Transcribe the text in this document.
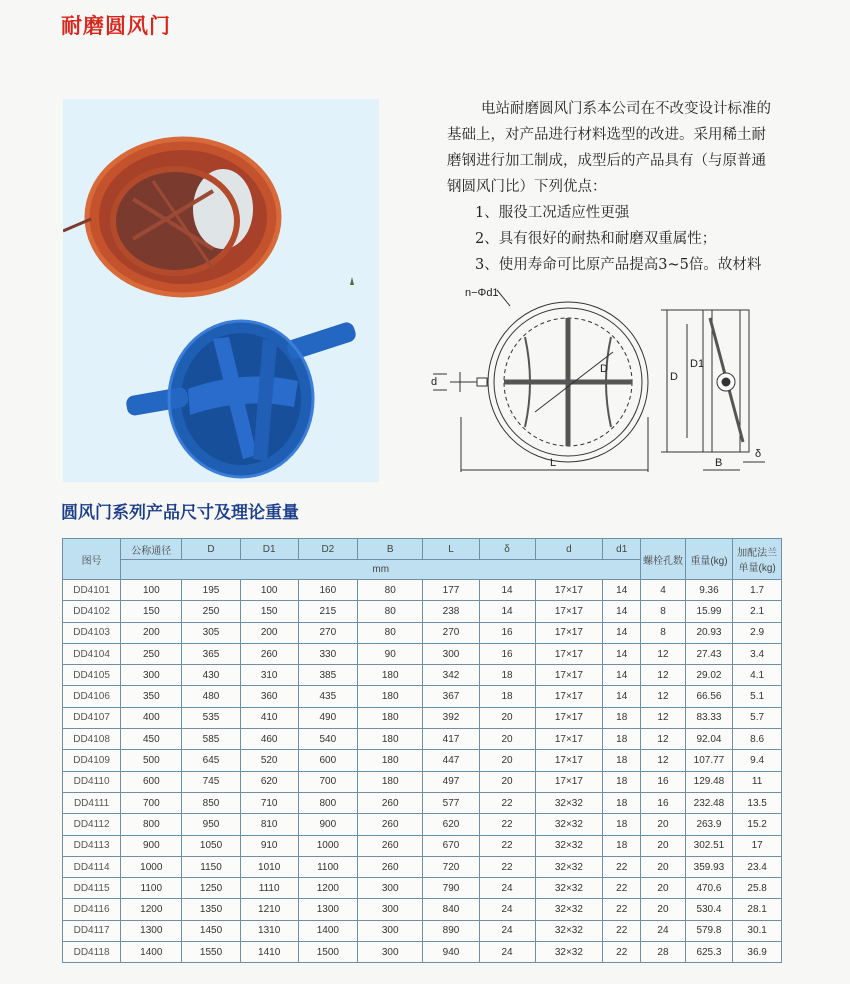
耐磨圆风门

电站耐磨圆风门系本公司在不改变设计标准的基础上，对产品进行材料选型的改进。采用稀土耐磨钢进行加工制成，成型后的产品具有（与原普通钢圆风门比）下列优点：

1、服役工况适应性更强

2、具有很好的耐热和耐磨双重属性；

3、使用寿命可比原产品提高3~5倍。故材料

n−Φd1
d
D
D
D1
L	B
δ
圆风门系列产品尺寸及理论重量
图号	公称通径	D	D1	D2	B	L	δ	d	d1	螺栓孔数	重量(kg)	加配法兰单量(kg)
	mm											
DD4101	100	195	100	160	80	177	14	17×17	14	4	9.36	1.7
DD4102	150	250	150	215	80	238	14	17×17	14	8	15.99	2.1
DD4103	200	305	200	270	80	270	16	17×17	14	8	20.93	2.9
DD4104	250	365	260	330	90	300	16	17×17	14	12	27.43	3.4
DD4105	300	430	310	385	180	342	18	17×17	14	12	29.02	4.1
DD4106	350	480	360	435	180	367	18	17×17	14	12	66.56	5.1
DD4107	400	535	410	490	180	392	20	17×17	18	12	83.33	5.7
DD4108	450	585	460	540	180	417	20	17×17	18	12	92.04	8.6
DD4109	500	645	520	600	180	447	20	17×17	18	12	107.77	9.4
DD4110	600	745	620	700	180	497	20	17×17	18	16	129.48	11
DD4111	700	850	710	800	260	577	22	32×32	18	16	232.48	13.5
DD4112	800	950	810	900	260	620	22	32×32	18	20	263.9	15.2
DD4113	900	1050	910	1000	260	670	22	32×32	18	20	302.51	17
DD4114	1000	1150	1010	1100	260	720	22	32×32	22	20	359.93	23.4
DD4115	1100	1250	1110	1200	300	790	24	32×32	22	20	470.6	25.8
DD4116	1200	1350	1210	1300	300	840	24	32×32	22	20	530.4	28.1
DD4117	1300	1450	1310	1400	300	890	24	32×32	22	24	579.8	30.1
DD4118	1400	1550	1410	1500	300	940	24	32×32	22	28	625.3	36.9
